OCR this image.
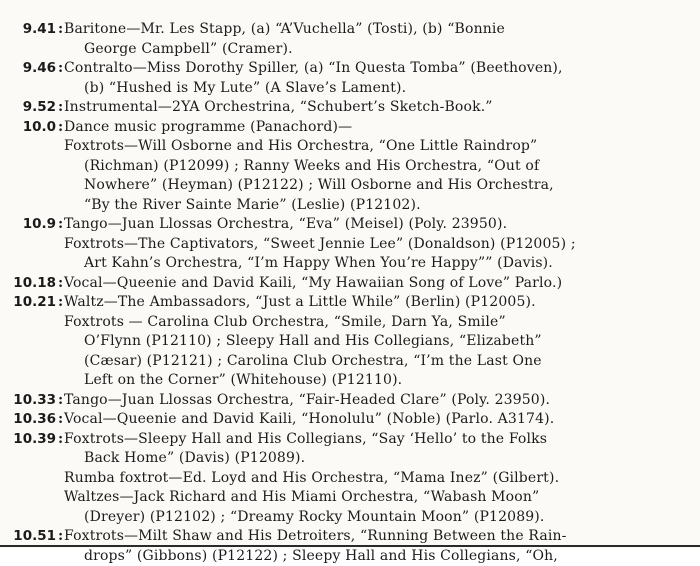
9.41 : Baritone—Mr. Les Stapp, (a) “A’Vuchella” (Tosti), (b) “Bonnie
George Campbell” (Cramer).
9.46 : Contralto—Miss Dorothy Spiller, (a) “In Questa Tomba” (Beethoven),
(b) “Hushed is My Lute” (A Slave’s Lament).
9.52 : Instrumental—2YA Orchestrina, “Schubert’s Sketch-Book.”
10.0 : Dance music programme (Panachord)—
Foxtrots—Will Osborne and His Orchestra, “One Little Raindrop”
(Richman) (P12099) ; Ranny Weeks and His Orchestra, “Out of
Nowhere” (Heyman) (P12122) ; Will Osborne and His Orchestra,
“By the River Sainte Marie” (Leslie) (P12102).
10.9 : Tango—Juan Llossas Orchestra, “Eva” (Meisel) (Poly. 23950).
Foxtrots—The Captivators, “Sweet Jennie Lee” (Donaldson) (P12005) ;
Art Kahn’s Orchestra, “I’m Happy When You’re Happy”” (Davis).
10.18 : Vocal—Queenie and David Kaili, “My Hawaiian Song of Love” Parlo.)
10.21 : Waltz—The Ambassadors, “Just a Little While” (Berlin) (P12005).
Foxtrots — Carolina Club Orchestra, “Smile, Darn Ya, Smile”
O’Flynn (P12110) ; Sleepy Hall and His Collegians, “Elizabeth”
(Cæsar) (P12121) ; Carolina Club Orchestra, “I’m the Last One
Left on the Corner” (Whitehouse) (P12110).
10.33 : Tango—Juan Llossas Orchestra, “Fair-Headed Clare” (Poly. 23950).
10.36 : Vocal—Queenie and David Kaili, “Honolulu” (Noble) (Parlo. A3174).
10.39 : Foxtrots—Sleepy Hall and His Collegians, “Say ‘Hello’ to the Folks
Back Home” (Davis) (P12089).
Rumba foxtrot—Ed. Loyd and His Orchestra, “Mama Inez” (Gilbert).
Waltzes—Jack Richard and His Miami Orchestra, “Wabash Moon”
(Dreyer) (P12102) ; “Dreamy Rocky Mountain Moon” (P12089).
10.51 : Foxtrots—Milt Shaw and His Detroiters, “Running Between the Rain-
drops” (Gibbons) (P12122) ; Sleepy Hall and His Collegians, “Oh,
